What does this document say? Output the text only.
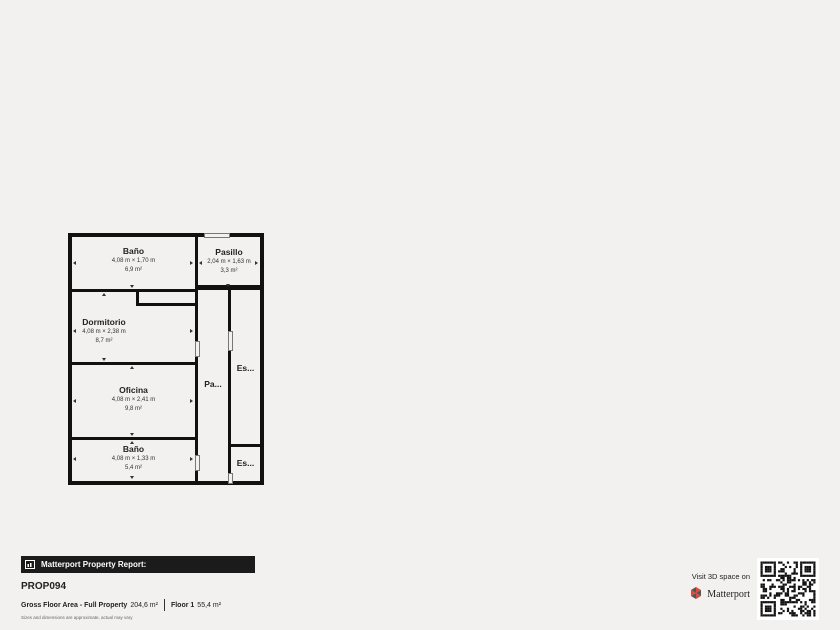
Baño
4,08 m × 1,70 m
6,9 m²
Pasillo
2,04 m × 1,63 m
3,3 m²
Dormitorio
4,08 m × 2,38 m
8,7 m²
Oficina
4,08 m × 2,41 m
9,8 m²
Baño
4,08 m × 1,33 m
5,4 m²
Pa...
Es...
Es...
Matterport Property Report:
PROP094
Gross Floor Area - Full Property 204,6 m² Floor 1 55,4 m²
Sizes and dimensions are approximate, actual may vary
Visit 3D space on
Matterport
